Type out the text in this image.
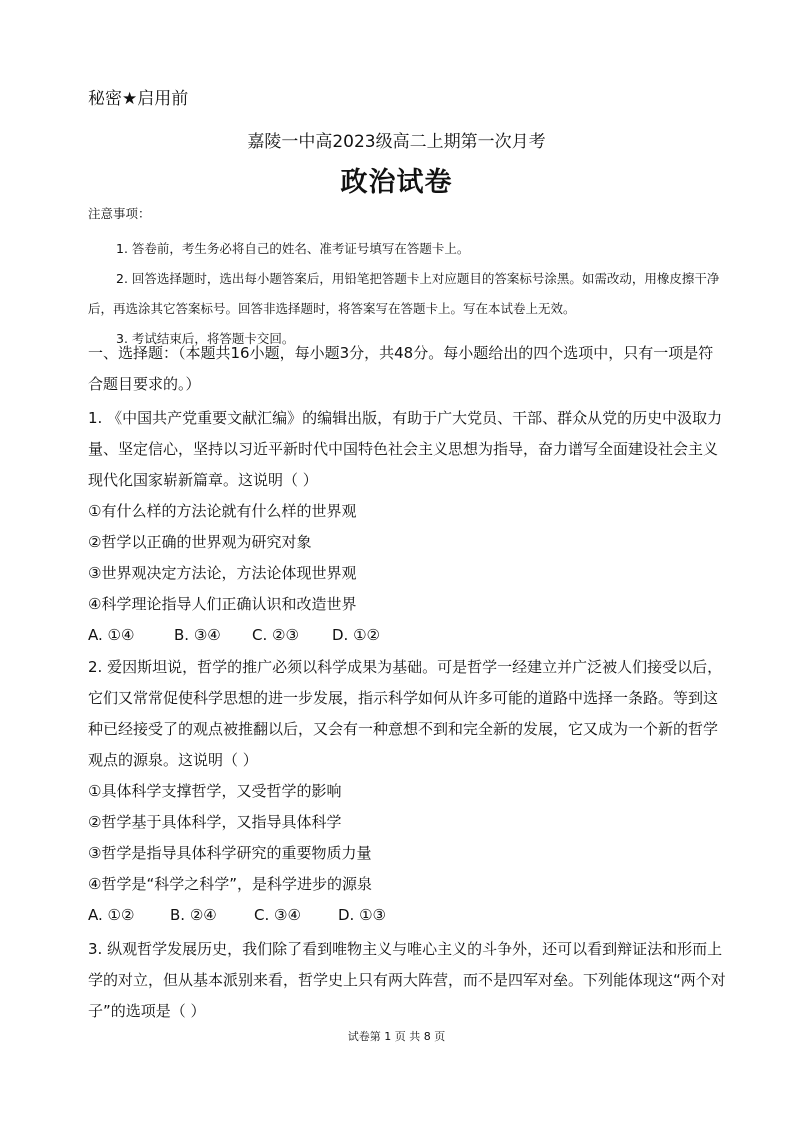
秘密★启用前
嘉陵一中高2023级高二上期第一次月考
政治试卷
注意事项：
1. 答卷前，考生务必将自己的姓名、准考证号填写在答题卡上。
2. 回答选择题时，选出每小题答案后，用铅笔把答题卡上对应题目的答案标号涂黑。如需改动，用橡皮擦干净后，再选涂其它答案标号。回答非选择题时，将答案写在答题卡上。写在本试卷上无效。
3. 考试结束后，将答题卡交回。
一、选择题：（本题共16小题，每小题3分，共48分。每小题给出的四个选项中，只有一项是符合题目要求的。）

1. 《中国共产党重要文献汇编》的编辑出版，有助于广大党员、干部、群众从党的历史中汲取力量、坚定信心，坚持以习近平新时代中国特色社会主义思想为指导，奋力谱写全面建设社会主义现代化国家崭新篇章。这说明（ ）

①有什么样的方法论就有什么样的世界观

②哲学以正确的世界观为研究对象

③世界观决定方法论，方法论体现世界观

④科学理论指导人们正确认识和改造世界

A. ①④	B. ③④	C. ②③	D. ①②

2. 爱因斯坦说，哲学的推广必须以科学成果为基础。可是哲学一经建立并广泛被人们接受以后，它们又常常促使科学思想的进一步发展，指示科学如何从许多可能的道路中选择一条路。等到这种已经接受了的观点被推翻以后，又会有一种意想不到和完全新的发展，它又成为一个新的哲学观点的源泉。这说明（ ）

①具体科学支撑哲学，又受哲学的影响

②哲学基于具体科学，又指导具体科学

③哲学是指导具体科学研究的重要物质力量

④哲学是“科学之科学”，是科学进步的源泉

A. ①②	B. ②④	C. ③④	D. ①③

3. 纵观哲学发展历史，我们除了看到唯物主义与唯心主义的斗争外，还可以看到辩证法和形而上学的对立，但从基本派别来看，哲学史上只有两大阵营，而不是四军对垒。下列能体现这“两个对子”的选项是（ ）

试卷第 1 页 共 8 页
